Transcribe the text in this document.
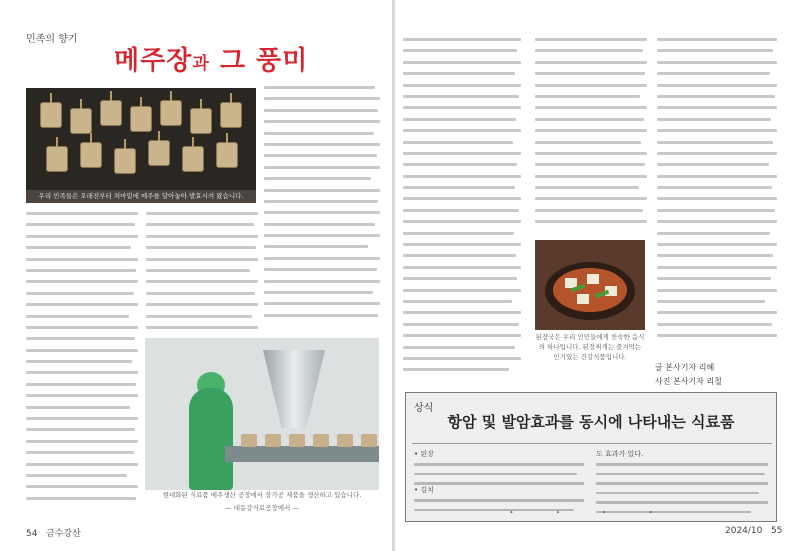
민족의 향기
메주장과 그 풍미
우리 민족들은 오래전부터 처마밑에 메주를 달아놓아 발효시켜 왔습니다.
현대화된 식료품 메주생산 공장에서 장가공 제품을 생산하고 있습니다.
— 대동강식료공장에서 —
54 금수강산
된장국은 우리 인민들에게 친숙한 음식의 하나입니다. 된장찌개는 즐겨먹는 인기있는 건강식품입니다.
글 본사기자 리혜
사진 본사기자 리철
상식
항암 및 발암효과를 동시에 나타내는 식료품
• 된장
• 김치
도 효과가 있다.
• • • •
2024/10 55
